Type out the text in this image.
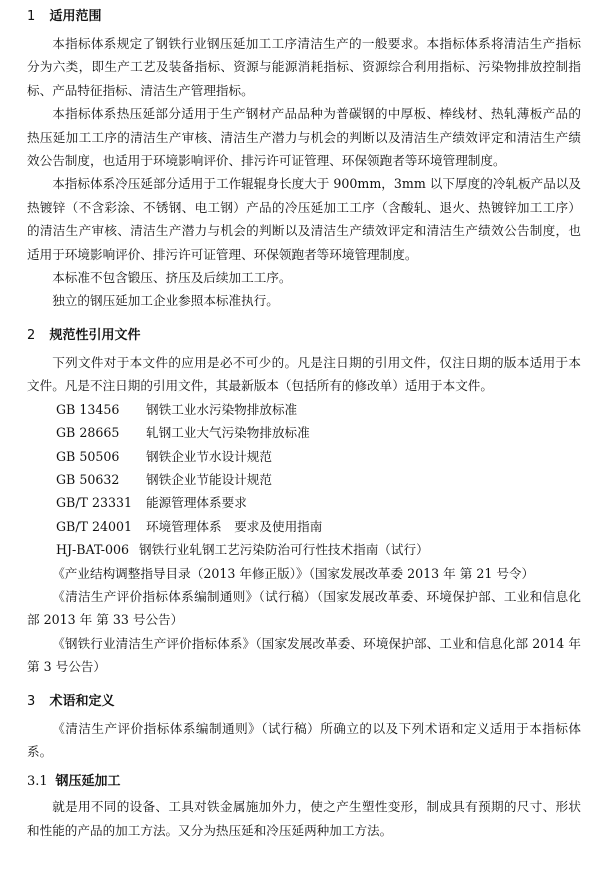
1 适用范围

本指标体系规定了钢铁行业钢压延加工工序清洁生产的一般要求。本指标体系将清洁生产指标分为六类，即生产工艺及装备指标、资源与能源消耗指标、资源综合利用指标、污染物排放控制指标、产品特征指标、清洁生产管理指标。

本指标体系热压延部分适用于生产钢材产品品种为普碳钢的中厚板、棒线材、热轧薄板产品的热压延加工工序的清洁生产审核、清洁生产潜力与机会的判断以及清洁生产绩效评定和清洁生产绩效公告制度，也适用于环境影响评价、排污许可证管理、环保领跑者等环境管理制度。

本指标体系冷压延部分适用于工作辊辊身长度大于 900mm，3mm 以下厚度的冷轧板产品以及热镀锌（不含彩涂、不锈钢、电工钢）产品的冷压延加工工序（含酸轧、退火、热镀锌加工工序）的清洁生产审核、清洁生产潜力与机会的判断以及清洁生产绩效评定和清洁生产绩效公告制度，也适用于环境影响评价、排污许可证管理、环保领跑者等环境管理制度。

本标准不包含锻压、挤压及后续加工工序。

独立的钢压延加工企业参照本标准执行。

2 规范性引用文件

下列文件对于本文件的应用是必不可少的。凡是注日期的引用文件，仅注日期的版本适用于本文件。凡是不注日期的引用文件，其最新版本（包括所有的修改单）适用于本文件。

GB 13456	钢铁工业水污染物排放标准
GB 28665	轧钢工业大气污染物排放标准
GB 50506	钢铁企业节水设计规范
GB 50632	钢铁企业节能设计规范
GB/T 23331 能源管理体系要求
GB/T 24001 环境管理体系　要求及使用指南
HJ-BAT-006 钢铁行业轧钢工艺污染防治可行性技术指南（试行）

《产业结构调整指导目录（2013 年修正版）》（国家发展改革委 2013 年 第 21 号令）

《清洁生产评价指标体系编制通则》（试行稿）（国家发展改革委、环境保护部、工业和信息化部 2013 年 第 33 号公告）

《钢铁行业清洁生产评价指标体系》（国家发展改革委、环境保护部、工业和信息化部 2014 年 第 3 号公告）

3 术语和定义

《清洁生产评价指标体系编制通则》（试行稿）所确立的以及下列术语和定义适用于本指标体系。

3.1 钢压延加工

就是用不同的设备、工具对铁金属施加外力，使之产生塑性变形，制成具有预期的尺寸、形状和性能的产品的加工方法。又分为热压延和冷压延两种加工方法。
